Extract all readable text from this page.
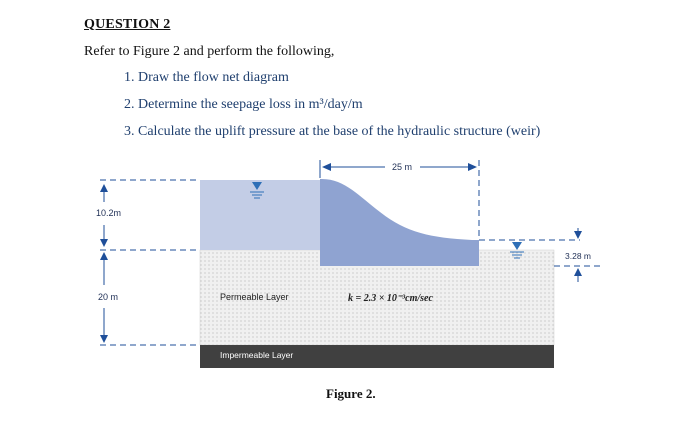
QUESTION 2
Refer to Figure 2 and perform the following,
1. Draw the flow net diagram
2. Determine the seepage loss in m³/day/m
3. Calculate the uplift pressure at the base of the hydraulic structure (weir)
10.2m
20 m
25 m
3.28 m
Permeable Layer	k = 2.3 × 10⁻³cm/sec
Impermeable Layer
Figure 2.
